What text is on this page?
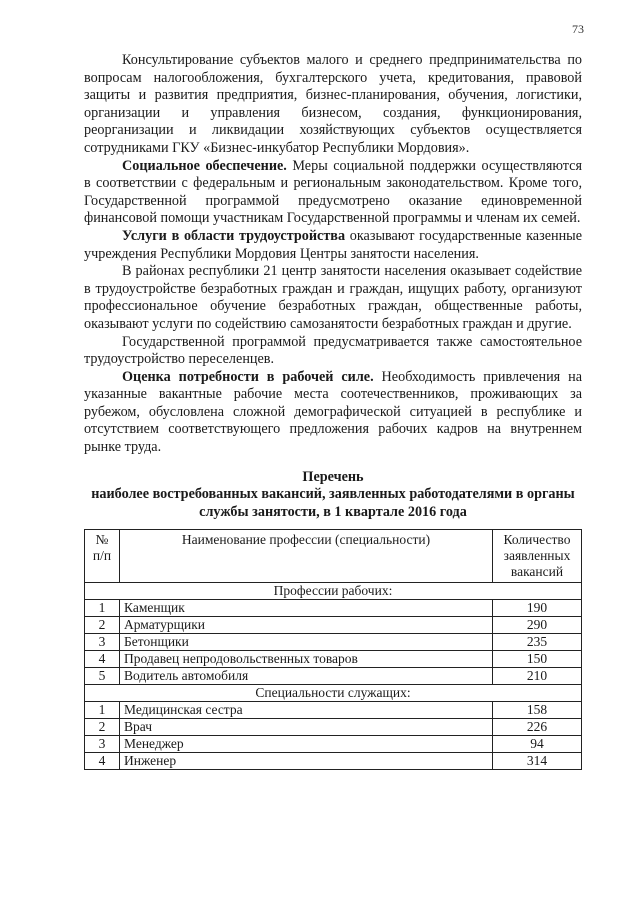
73

Консультирование субъектов малого и среднего предпринимательства по вопросам налогообложения, бухгалтерского учета, кредитования, правовой защиты и развития предприятия, бизнес-планирования, обучения, логистики, организации и управления бизнесом, создания, функционирования, реорганизации и ликвидации хозяйствующих субъектов осуществляется сотрудниками ГКУ «Бизнес-инкубатор Республики Мордовия».

Социальное обеспечение. Меры социальной поддержки осуществляются в соответствии с федеральным и региональным законодательством. Кроме того, Государственной программой предусмотрено оказание единовременной финансовой помощи участникам Государственной программы и членам их семей.

Услуги в области трудоустройства оказывают государственные казенные учреждения Республики Мордовия Центры занятости населения.

В районах республики 21 центр занятости населения оказывает содействие в трудоустройстве безработных граждан и граждан, ищущих работу, организуют профессиональное обучение безработных граждан, общественные работы, оказывают услуги по содействию самозанятости безработных граждан и другие.

Государственной программой предусматривается также самостоятельное трудоустройство переселенцев.

Оценка потребности в рабочей силе. Необходимость привлечения на указанные вакантные рабочие места соотечественников, проживающих за рубежом, обусловлена сложной демографической ситуацией в республике и отсутствием соответствующего предложения рабочих кадров на внутреннем рынке труда.

Перечень
наиболее востребованных вакансий, заявленных работодателями в органы службы занятости, в 1 квартале 2016 года
№ п/п	Наименование профессии (специальности)	Количество заявленных вакансий
Профессии рабочих:		
1	Каменщик	190
2	Арматурщики	290
3	Бетонщики	235
4	Продавец непродовольственных товаров	150
5	Водитель автомобиля	210
Специальности служащих:		
1	Медицинская сестра	158
2	Врач	226
3	Менеджер	94
4	Инженер	314
